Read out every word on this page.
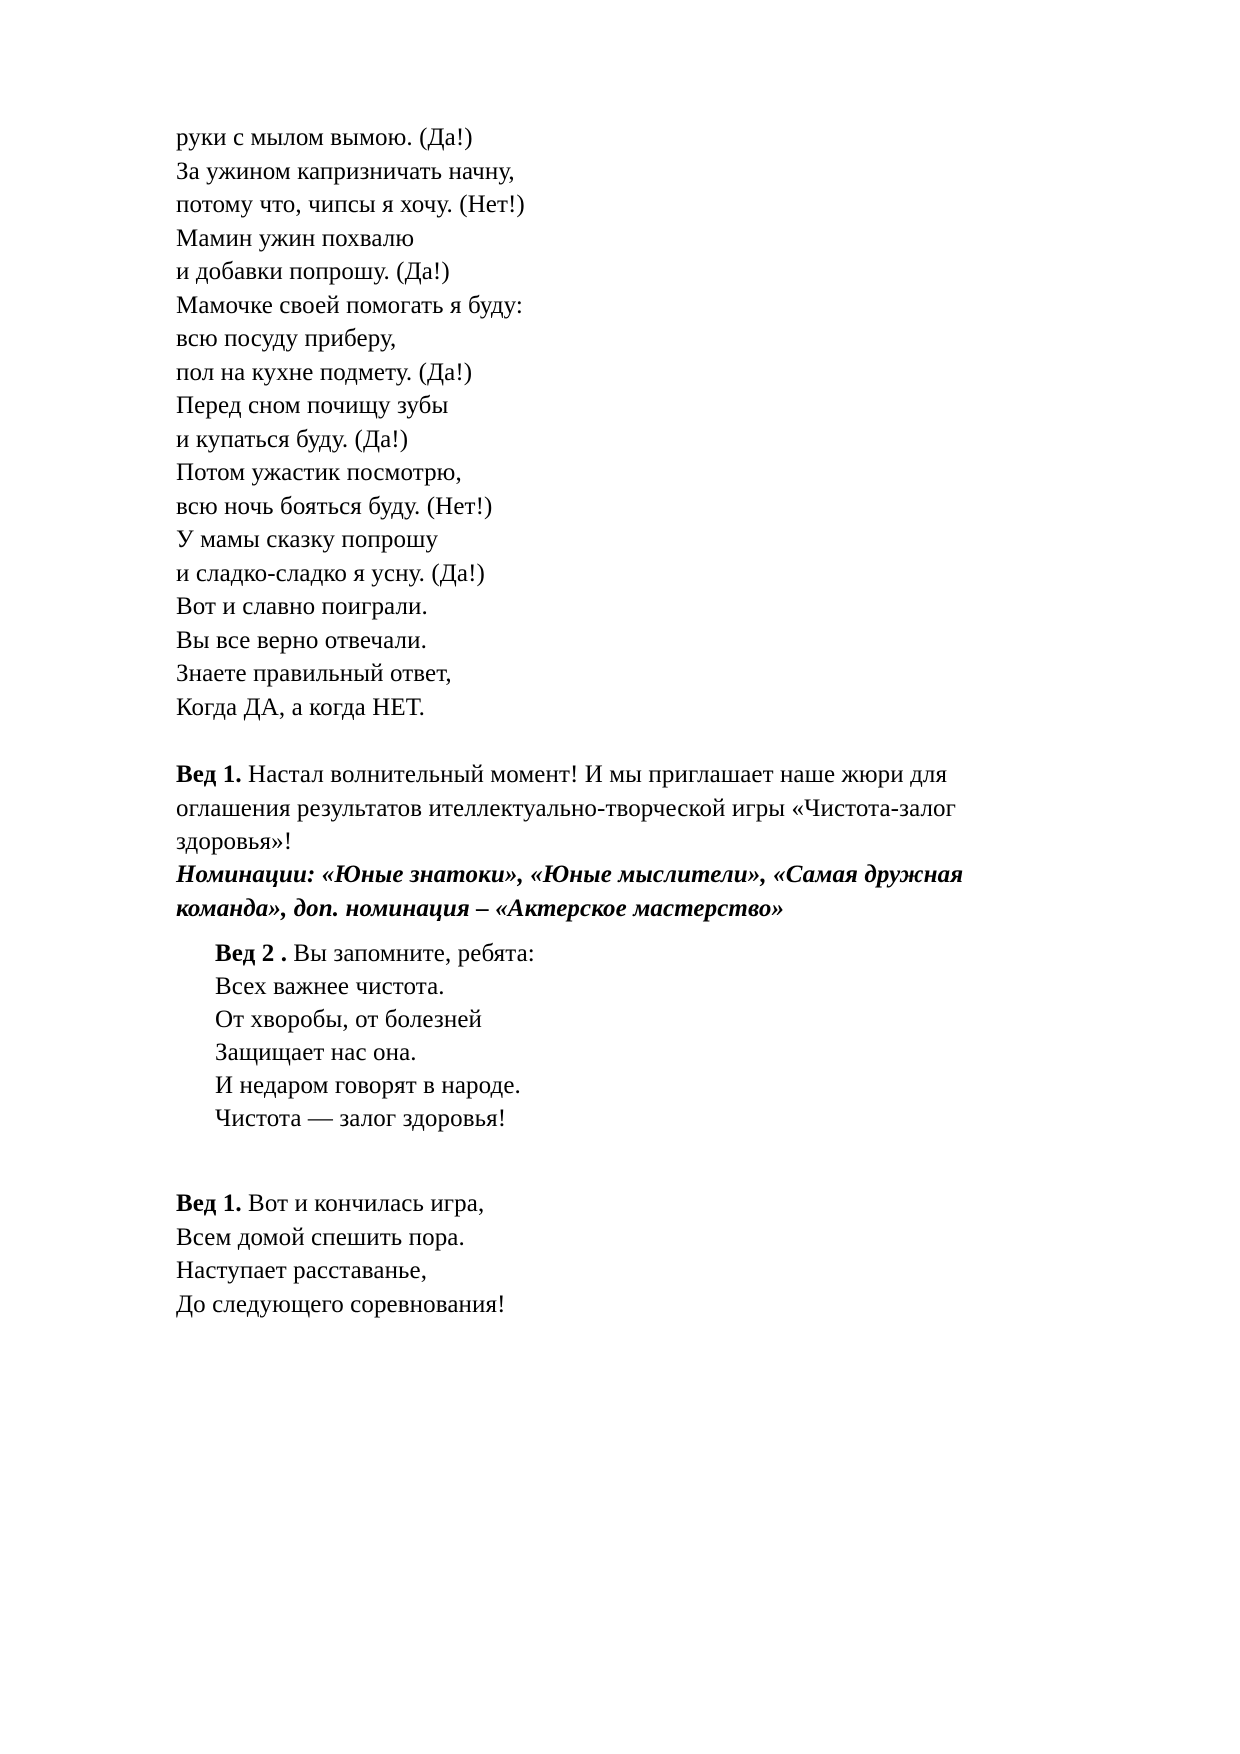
руки с мылом вымою. (Да!)
За ужином капризничать начну,
потому что, чипсы я хочу. (Нет!)
Мамин ужин похвалю
и добавки попрошу. (Да!)
Мамочке своей помогать я буду:
всю посуду приберу,
пол на кухне подмету. (Да!)
Перед сном почищу зубы
и купаться буду. (Да!)
Потом ужастик посмотрю,
всю ночь бояться буду. (Нет!)
У мамы сказку попрошу
и сладко-сладко я усну. (Да!)
Вот и славно поиграли.
Вы все верно отвечали.
Знаете правильный ответ,
Когда ДА, а когда НЕТ.
Вед 1. Настал волнительный момент! И мы приглашает наше жюри для
оглашения результатов ителлектуально-творческой игры «Чистота-залог
здоровья»!
Номинации: «Юные знатоки», «Юные мыслители», «Самая дружная
команда», доп. номинация – «Актерское мастерство»
Вед 2 . Вы запомните, ребята:
Всех важнее чистота.
От хворобы, от болезней
Защищает нас она.
И недаром говорят в народе.
Чистота — залог здоровья!
Вед 1. Вот и кончилась игра,
Всем домой спешить пора.
Наступает расставанье,
До следующего соревнования!
